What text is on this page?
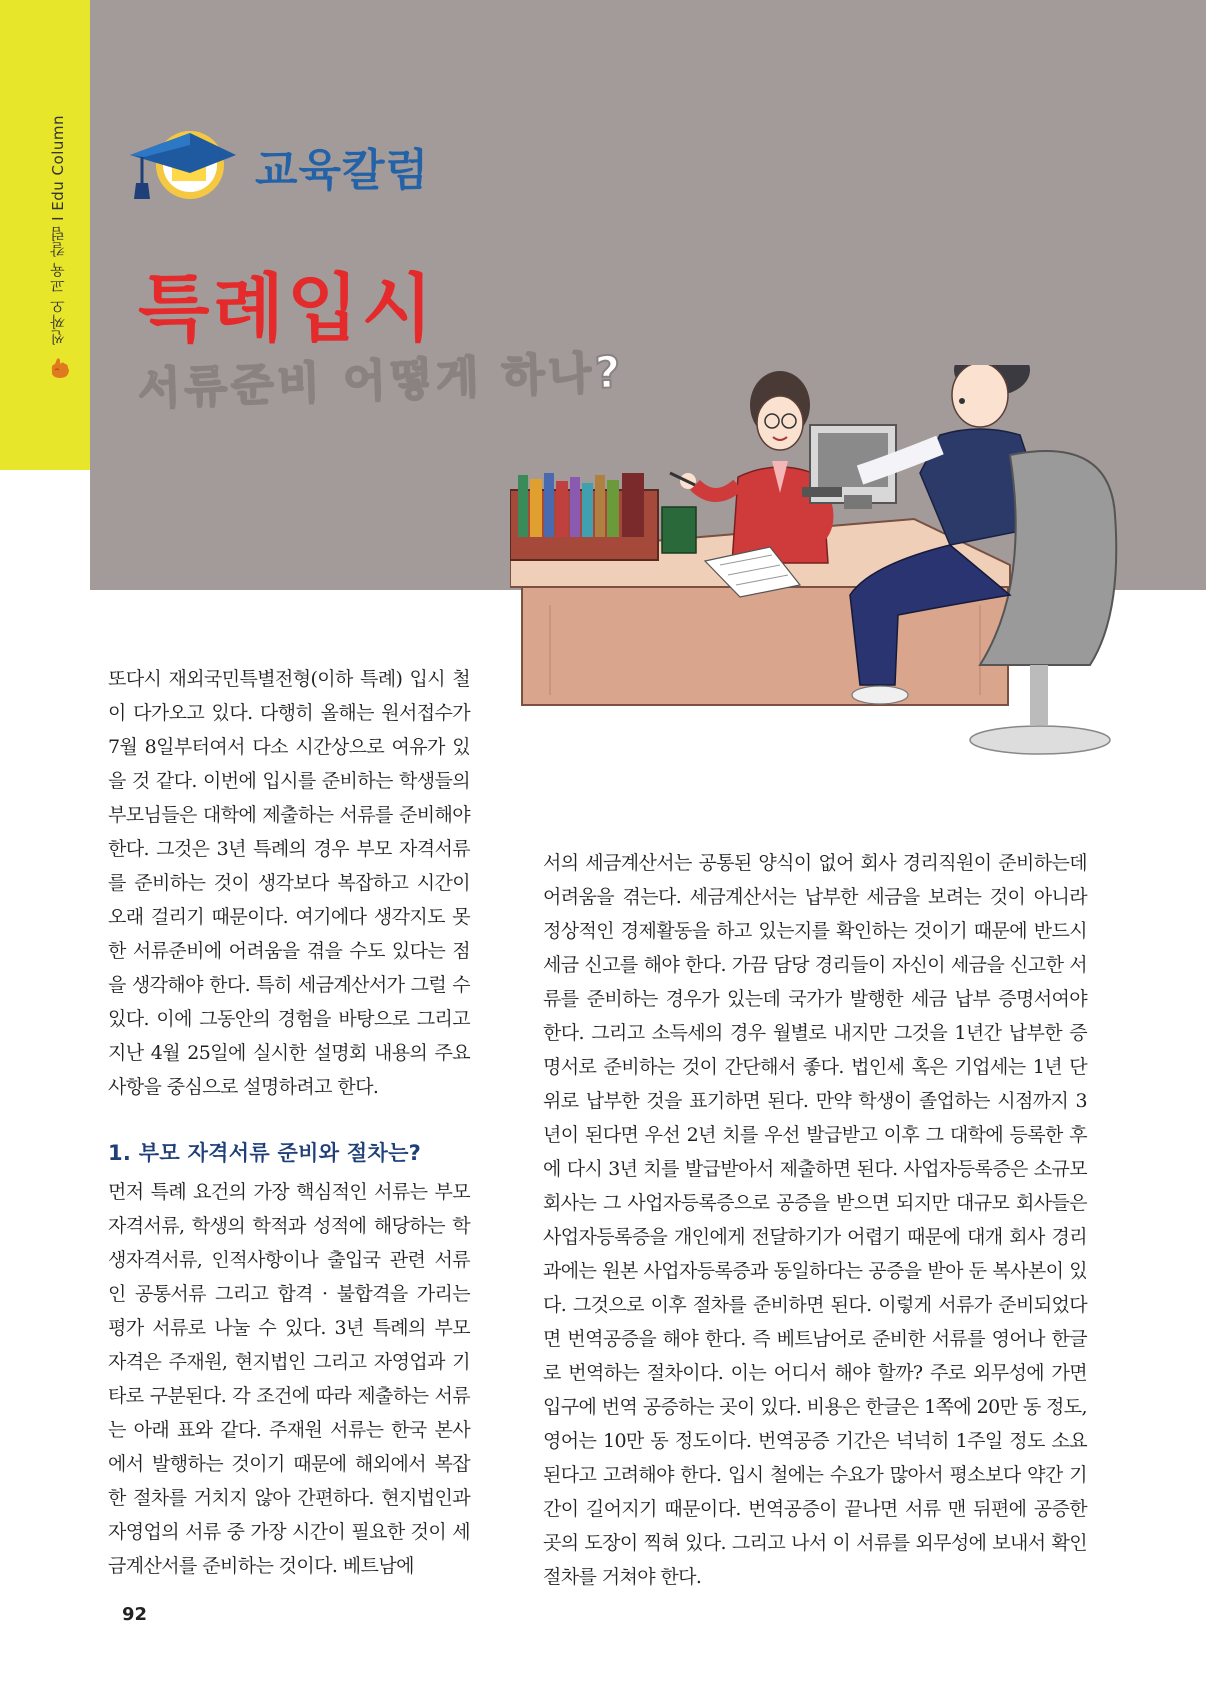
씬짜오 교육 칼럼 I Edu Column	교육칼럼
특례입시
서류준비 어떻게 하나?

또다시 재외국민특별전형(이하 특례) 입시 철이 다가오고 있다. 다행히 올해는 원서접수가 7월 8일부터여서 다소 시간상으로 여유가 있을 것 같다. 이번에 입시를 준비하는 학생들의 부모님들은 대학에 제출하는 서류를 준비해야 한다. 그것은 3년 특례의 경우 부모 자격서류를 준비하는 것이 생각보다 복잡하고 시간이 오래 걸리기 때문이다. 여기에다 생각지도 못한 서류준비에 어려움을 겪을 수도 있다는 점을 생각해야 한다. 특히 세금계산서가 그럴 수 있다. 이에 그동안의 경험을 바탕으로 그리고 지난 4월 25일에 실시한 설명회 내용의 주요사항을 중심으로 설명하려고 한다.

1. 부모 자격서류 준비와 절차는?

먼저 특례 요건의 가장 핵심적인 서류는 부모 자격서류, 학생의 학적과 성적에 해당하는 학생자격서류, 인적사항이나 출입국 관련 서류인 공통서류 그리고 합격 · 불합격을 가리는 평가 서류로 나눌 수 있다. 3년 특례의 부모 자격은 주재원, 현지법인 그리고 자영업과 기타로 구분된다. 각 조건에 따라 제출하는 서류는 아래 표와 같다. 주재원 서류는 한국 본사에서 발행하는 것이기 때문에 해외에서 복잡한 절차를 거치지 않아 간편하다. 현지법인과 자영업의 서류 중 가장 시간이 필요한 것이 세금계산서를 준비하는 것이다. 베트남에

서의 세금계산서는 공통된 양식이 없어 회사 경리직원이 준비하는데 어려움을 겪는다. 세금계산서는 납부한 세금을 보려는 것이 아니라 정상적인 경제활동을 하고 있는지를 확인하는 것이기 때문에 반드시 세금 신고를 해야 한다. 가끔 담당 경리들이 자신이 세금을 신고한 서류를 준비하는 경우가 있는데 국가가 발행한 세금 납부 증명서여야 한다. 그리고 소득세의 경우 월별로 내지만 그것을 1년간 납부한 증명서로 준비하는 것이 간단해서 좋다. 법인세 혹은 기업세는 1년 단위로 납부한 것을 표기하면 된다. 만약 학생이 졸업하는 시점까지 3년이 된다면 우선 2년 치를 우선 발급받고 이후 그 대학에 등록한 후에 다시 3년 치를 발급받아서 제출하면 된다. 사업자등록증은 소규모 회사는 그 사업자등록증으로 공증을 받으면 되지만 대규모 회사들은 사업자등록증을 개인에게 전달하기가 어렵기 때문에 대개 회사 경리과에는 원본 사업자등록증과 동일하다는 공증을 받아 둔 복사본이 있다. 그것으로 이후 절차를 준비하면 된다. 이렇게 서류가 준비되었다면 번역공증을 해야 한다. 즉 베트남어로 준비한 서류를 영어나 한글로 번역하는 절차이다. 이는 어디서 해야 할까? 주로 외무성에 가면 입구에 번역 공증하는 곳이 있다. 비용은 한글은 1쪽에 20만 동 정도, 영어는 10만 동 정도이다. 번역공증 기간은 넉넉히 1주일 정도 소요된다고 고려해야 한다. 입시 철에는 수요가 많아서 평소보다 약간 기간이 길어지기 때문이다. 번역공증이 끝나면 서류 맨 뒤편에 공증한 곳의 도장이 찍혀 있다. 그리고 나서 이 서류를 외무성에 보내서 확인 절차를 거쳐야 한다.

92
